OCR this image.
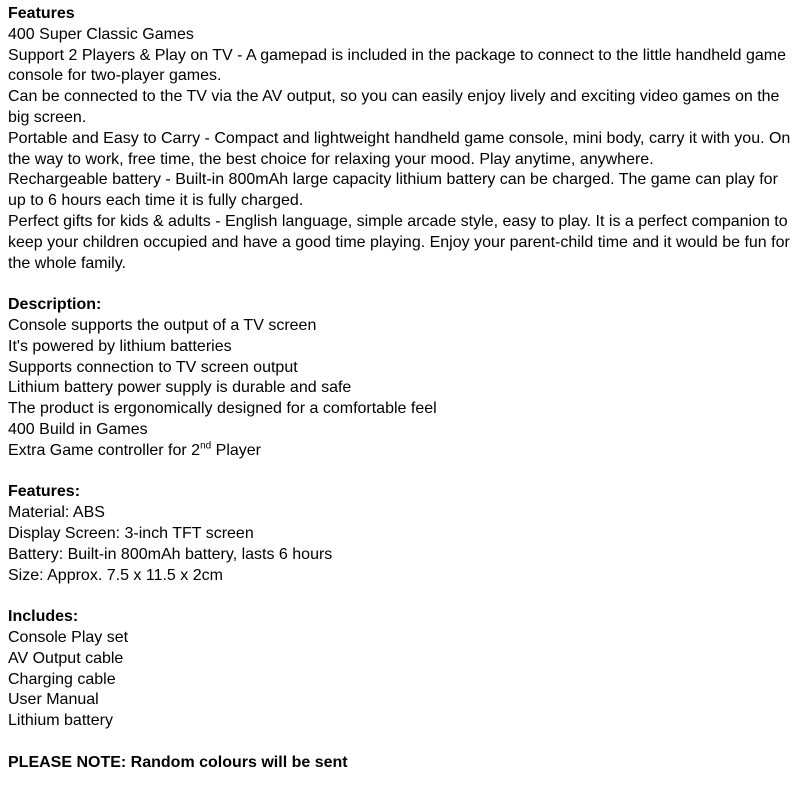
Features
400 Super Classic Games
Support 2 Players & Play on TV - A gamepad is included in the package to connect to the little handheld game console for two-player games.
Can be connected to the TV via the AV output, so you can easily enjoy lively and exciting video games on the big screen.
Portable and Easy to Carry - Compact and lightweight handheld game console, mini body, carry it with you. On the way to work, free time, the best choice for relaxing your mood. Play anytime, anywhere.
Rechargeable battery - Built-in 800mAh large capacity lithium battery can be charged. The game can play for up to 6 hours each time it is fully charged.
Perfect gifts for kids & adults - English language, simple arcade style, easy to play. It is a perfect companion to keep your children occupied and have a good time playing. Enjoy your parent-child time and it would be fun for the whole family.
Description:
Console supports the output of a TV screen
It's powered by lithium batteries
Supports connection to TV screen output
Lithium battery power supply is durable and safe
The product is ergonomically designed for a comfortable feel
400 Build in Games
Extra Game controller for 2nd Player
Features:
Material: ABS
Display Screen: 3-inch TFT screen
Battery: Built-in 800mAh battery, lasts 6 hours
Size: Approx. 7.5 x 11.5 x 2cm
Includes:
Console Play set
AV Output cable
Charging cable
User Manual
Lithium battery
PLEASE NOTE: Random colours will be sent
